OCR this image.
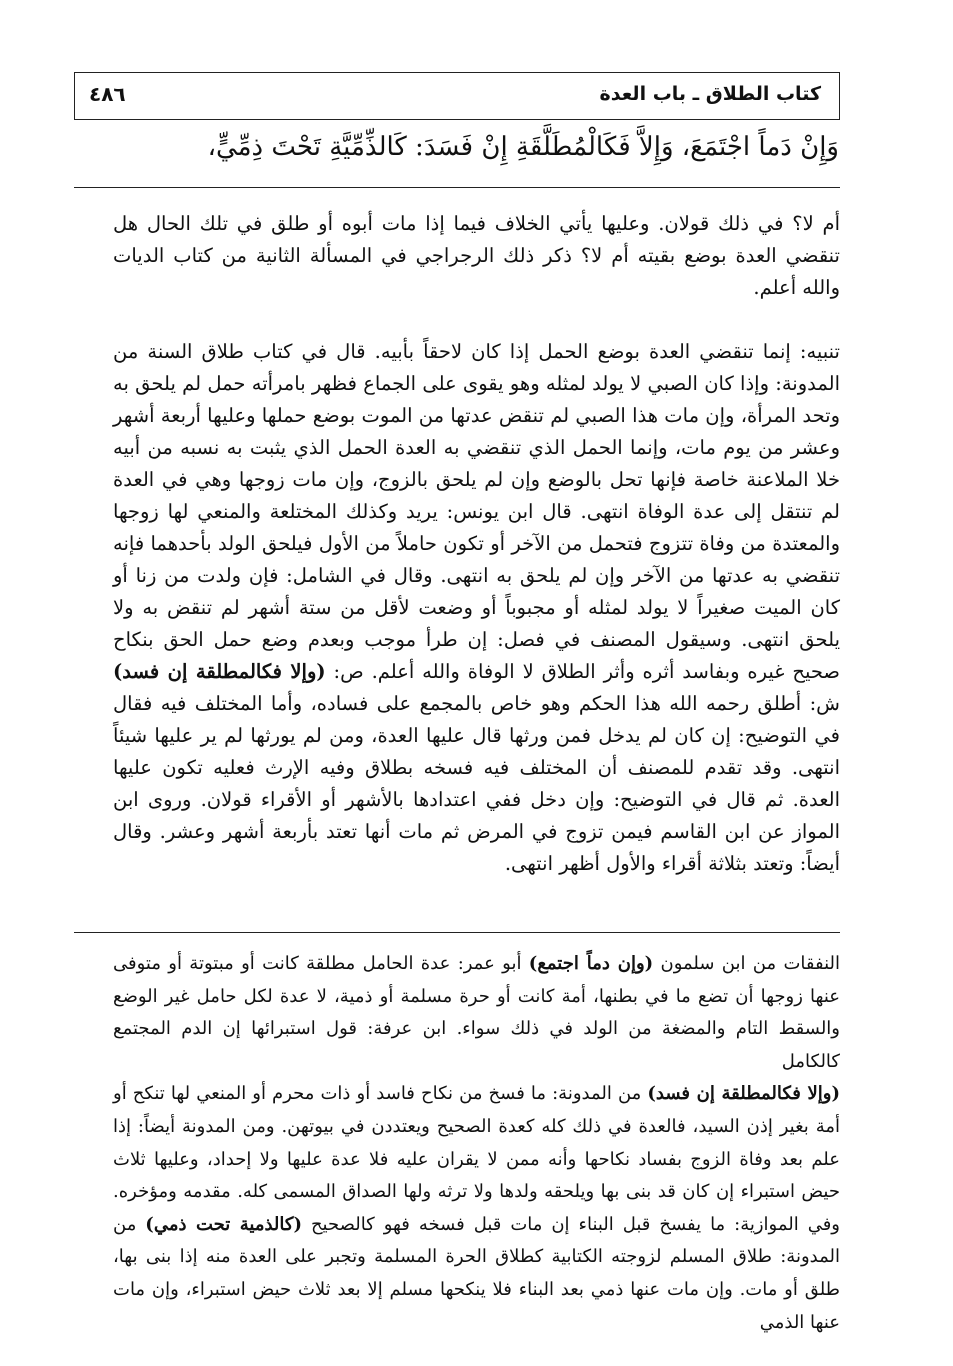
كتاب الطلاق ـ باب العدة
٤٨٦
وَإِنْ دَماً اجْتَمَعَ، وَإِلاَّ فَكَالْمُطَلَّقَةِ إِنْ فَسَدَ: كَالذِّمِّيَّةِ تَحْتَ ذِمِّيٍّ،

أم لا؟ في ذلك قولان. وعليها يأتي الخلاف فيما إذا مات أبوه أو طلق في تلك الحال هل تنقضي العدة بوضع بقيته أم لا؟ ذكر ذلك الرجراجي في المسألة الثانية من كتاب الديات والله أعلم.

تنبيه: إنما تنقضي العدة بوضع الحمل إذا كان لاحقاً بأبيه. قال في كتاب طلاق السنة من المدونة: وإذا كان الصبي لا يولد لمثله وهو يقوى على الجماع فظهر بامرأته حمل لم يلحق به وتحد المرأة، وإن مات هذا الصبي لم تنقض عدتها من الموت بوضع حملها وعليها أربعة أشهر وعشر من يوم مات، وإنما الحمل الذي تنقضي به العدة الحمل الذي يثبت به نسبه من أبيه خلا الملاعنة خاصة فإنها تحل بالوضع وإن لم يلحق بالزوج، وإن مات زوجها وهي في العدة لم تنتقل إلى عدة الوفاة انتهى. قال ابن يونس: يريد وكذلك المختلعة والمنعي لها زوجها والمعتدة من وفاة تتزوج فتحمل من الآخر أو تكون حاملاً من الأول فيلحق الولد بأحدهما فإنه تنقضي به عدتها من الآخر وإن لم يلحق به انتهى. وقال في الشامل: فإن ولدت من زنا أو كان الميت صغيراً لا يولد لمثله أو مجبوباً أو وضعت لأقل من ستة أشهر لم تنقض به ولا يلحق انتهى. وسيقول المصنف في فصل: إن طرأ موجب وبعدم وضع حمل الحق بنكاح صحيح غيره وبفاسد أثره وأثر الطلاق لا الوفاة والله أعلم. ص: (وإلا فكالمطلقة إن فسد) ش: أطلق رحمه الله هذا الحكم وهو خاص بالمجمع على فساده، وأما المختلف فيه فقال في التوضيح: إن كان لم يدخل فمن ورثها قال عليها العدة، ومن لم يورثها لم ير عليها شيئاً انتهى. وقد تقدم للمصنف أن المختلف فيه فسخه بطلاق وفيه الإرث فعليه تكون عليها العدة. ثم قال في التوضيح: وإن دخل ففي اعتدادها بالأشهر أو الأقراء قولان. وروى ابن المواز عن ابن القاسم فيمن تزوج في المرض ثم مات أنها تعتد بأربعة أشهر وعشر. وقال أيضاً: وتعتد بثلاثة أقراء والأول أظهر انتهى.

النفقات من ابن سلمون (وإن دماً اجتمع) أبو عمر: عدة الحامل مطلقة كانت أو مبتوتة أو متوفى عنها زوجها أن تضع ما في بطنها، أمة كانت أو حرة مسلمة أو ذمية، لا عدة لكل حامل غير الوضع والسقط التام والمضغة من الولد في ذلك سواء. ابن عرفة: قول استبرائها إن الدم المجتمع كالكامل
(وإلا فكالمطلقة إن فسد) من المدونة: ما فسخ من نكاح فاسد أو ذات محرم أو المنعي لها تنكح أو أمة بغير إذن السيد، فالعدة في ذلك كله كعدة الصحيح ويعتددن في بيوتهن. ومن المدونة أيضاً: إذا علم بعد وفاة الزوج بفساد نكاحها وأنه ممن لا يقران عليه فلا عدة عليها ولا إحداد، وعليها ثلاث حيض استبراء إن كان قد بنى بها ويلحقه ولدها ولا ترثه ولها الصداق المسمى كله. مقدمه ومؤخره. وفي الموازية: ما يفسخ قبل البناء إن مات قبل فسخه فهو كالصحيح (كالذمية تحت ذمي) من المدونة: طلاق المسلم لزوجته الكتابية كطلاق الحرة المسلمة وتجبر على العدة منه إذا بنى بها، طلق أو مات. وإن مات عنها ذمي بعد البناء فلا ينكحها مسلم إلا بعد ثلاث حيض استبراء، وإن مات عنها الذمي
